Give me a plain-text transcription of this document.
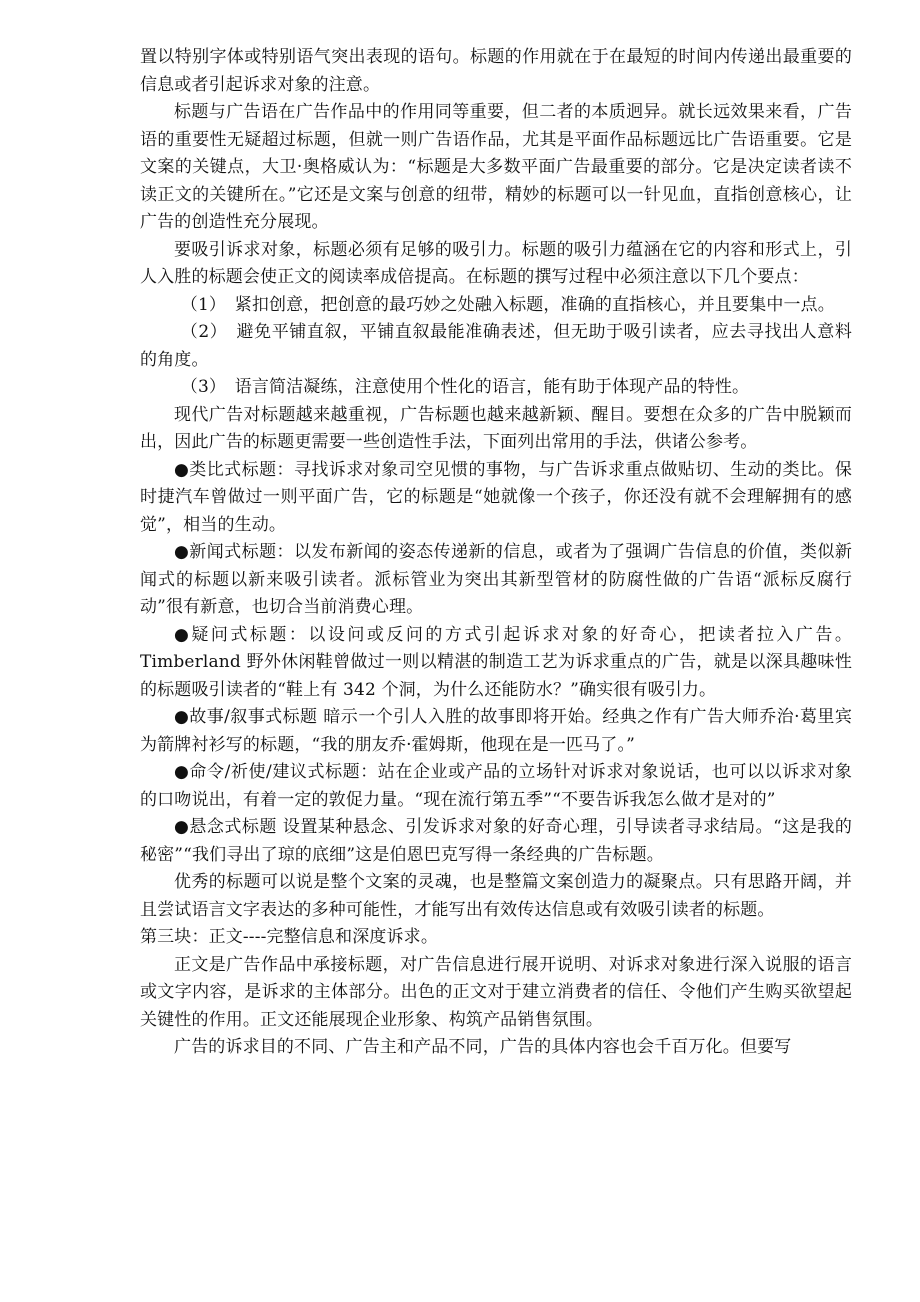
置以特别字体或特别语气突出表现的语句。标题的作用就在于在最短的时间内传递出最重要的信息或者引起诉求对象的注意。

标题与广告语在广告作品中的作用同等重要，但二者的本质迥异。就长远效果来看，广告语的重要性无疑超过标题，但就一则广告语作品，尤其是平面作品标题远比广告语重要。它是文案的关键点，大卫·奥格威认为：“标题是大多数平面广告最重要的部分。它是决定读者读不读正文的关键所在。”它还是文案与创意的纽带，精妙的标题可以一针见血，直指创意核心，让广告的创造性充分展现。

要吸引诉求对象，标题必须有足够的吸引力。标题的吸引力蕴涵在它的内容和形式上，引人入胜的标题会使正文的阅读率成倍提高。在标题的撰写过程中必须注意以下几个要点：

（1）　紧扣创意，把创意的最巧妙之处融入标题，准确的直指核心，并且要集中一点。

（2）　避免平铺直叙，平铺直叙最能准确表述，但无助于吸引读者，应去寻找出人意料的角度。

（3）　语言简洁凝练，注意使用个性化的语言，能有助于体现产品的特性。

现代广告对标题越来越重视，广告标题也越来越新颖、醒目。要想在众多的广告中脱颖而出，因此广告的标题更需要一些创造性手法，下面列出常用的手法，供诸公参考。

●类比式标题：寻找诉求对象司空见惯的事物，与广告诉求重点做贴切、生动的类比。保时捷汽车曾做过一则平面广告，它的标题是“她就像一个孩子，你还没有就不会理解拥有的感觉”，相当的生动。

●新闻式标题：以发布新闻的姿态传递新的信息，或者为了强调广告信息的价值，类似新闻式的标题以新来吸引读者。派标管业为突出其新型管材的防腐性做的广告语“派标反腐行动”很有新意，也切合当前消费心理。

●疑问式标题：以设问或反问的方式引起诉求对象的好奇心，把读者拉入广告。Timberland 野外休闲鞋曾做过一则以精湛的制造工艺为诉求重点的广告，就是以深具趣味性的标题吸引读者的“鞋上有 342 个洞，为什么还能防水？”确实很有吸引力。

●故事/叙事式标题 暗示一个引人入胜的故事即将开始。经典之作有广告大师乔治·葛里宾为箭牌衬衫写的标题，“我的朋友乔·霍姆斯，他现在是一匹马了。”

●命令/祈使/建议式标题：站在企业或产品的立场针对诉求对象说话，也可以以诉求对象的口吻说出，有着一定的敦促力量。“现在流行第五季”“不要告诉我怎么做才是对的”

●悬念式标题 设置某种悬念、引发诉求对象的好奇心理，引导读者寻求结局。“这是我的秘密”“我们寻出了琼的底细”这是伯恩巴克写得一条经典的广告标题。

优秀的标题可以说是整个文案的灵魂，也是整篇文案创造力的凝聚点。只有思路开阔，并且尝试语言文字表达的多种可能性，才能写出有效传达信息或有效吸引读者的标题。

第三块：正文----完整信息和深度诉求。

正文是广告作品中承接标题，对广告信息进行展开说明、对诉求对象进行深入说服的语言或文字内容，是诉求的主体部分。出色的正文对于建立消费者的信任、令他们产生购买欲望起关键性的作用。正文还能展现企业形象、构筑产品销售氛围。

广告的诉求目的不同、广告主和产品不同，广告的具体内容也会千百万化。但要写
